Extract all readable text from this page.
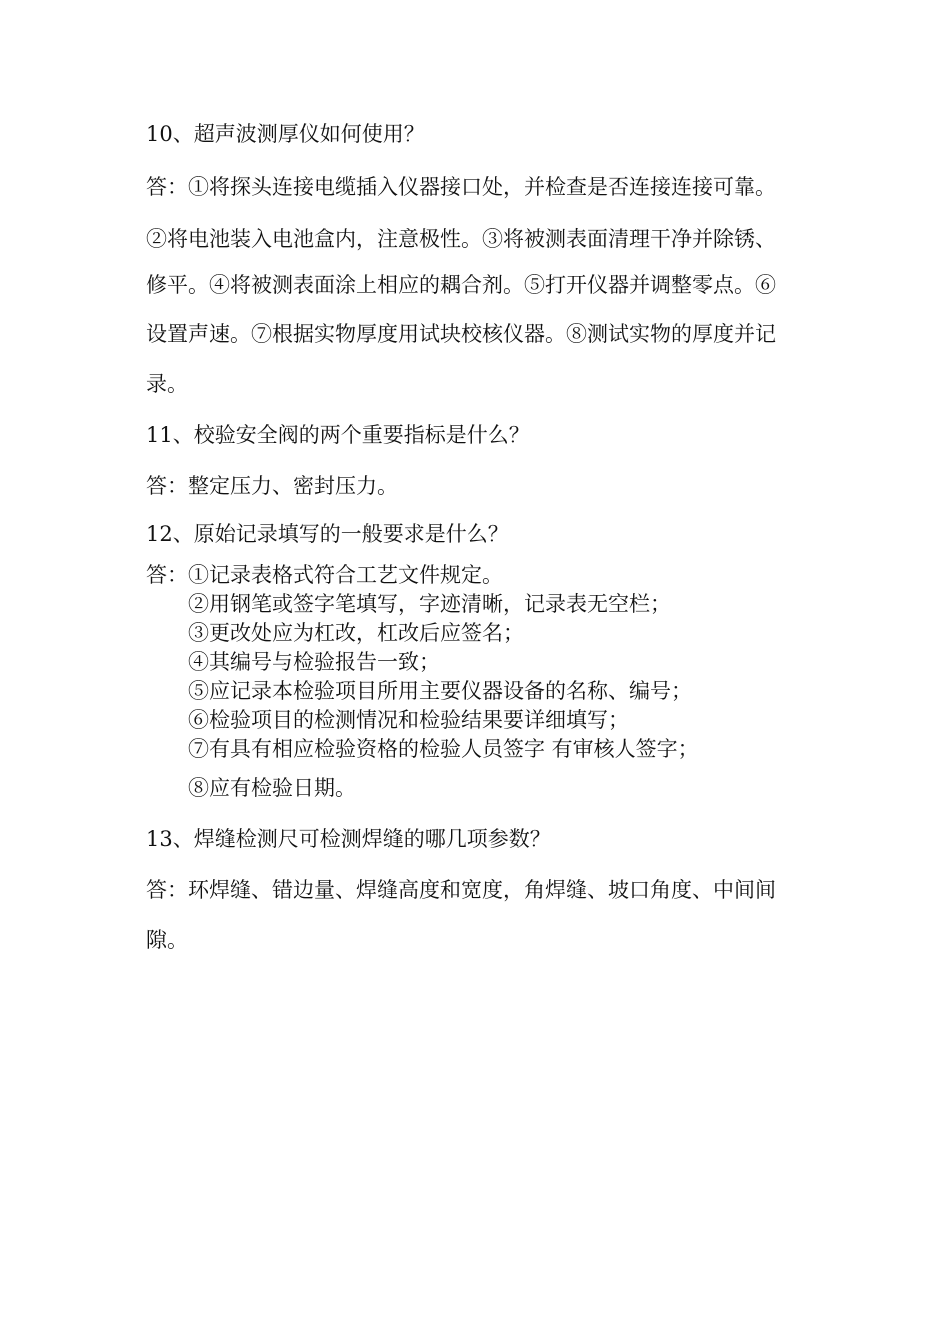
10、超声波测厚仪如何使用？
答：①将探头连接电缆插入仪器接口处，并检查是否连接连接可靠。
②将电池装入电池盒内，注意极性。③将被测表面清理干净并除锈、
修平。④将被测表面涂上相应的耦合剂。⑤打开仪器并调整零点。⑥
设置声速。⑦根据实物厚度用试块校核仪器。⑧测试实物的厚度并记
录。
11、校验安全阀的两个重要指标是什么？
答：整定压力、密封压力。
12、原始记录填写的一般要求是什么？
答：①记录表格式符合工艺文件规定。
②用钢笔或签字笔填写，字迹清晰，记录表无空栏；
③更改处应为杠改，杠改后应签名；
④其编号与检验报告一致；
⑤应记录本检验项目所用主要仪器设备的名称、编号；
⑥检验项目的检测情况和检验结果要详细填写；
⑦有具有相应检验资格的检验人员签字 有审核人签字；
⑧应有检验日期。
13、焊缝检测尺可检测焊缝的哪几项参数？
答：环焊缝、错边量、焊缝高度和宽度，角焊缝、坡口角度、中间间
隙。
